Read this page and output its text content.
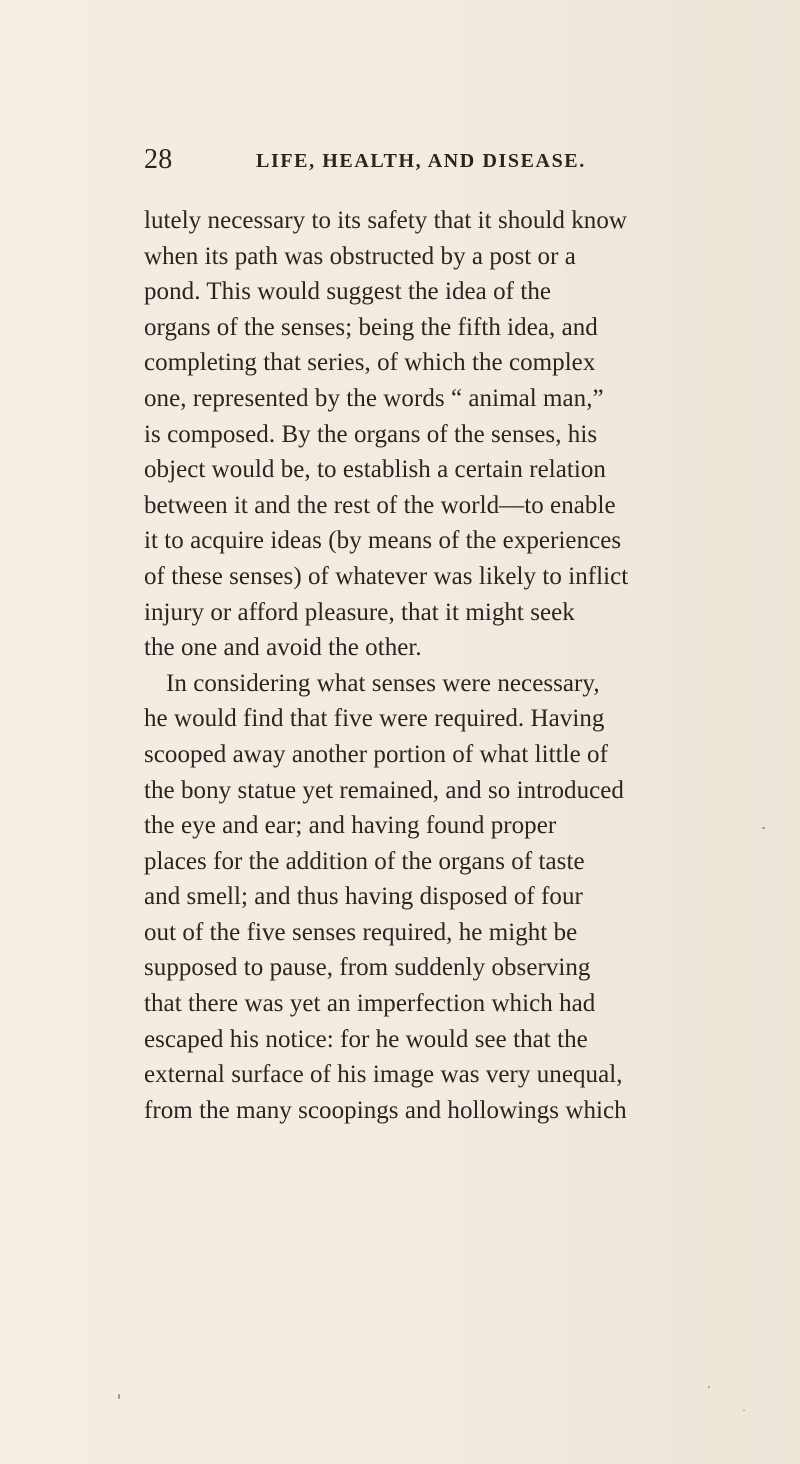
28	LIFE, HEALTH, AND DISEASE.
lutely necessary to its safety that it should know
when its path was obstructed by a post or a
pond. This would suggest the idea of the
organs of the senses; being the fifth idea, and
completing that series, of which the complex
one, represented by the words “ animal man,”
is composed. By the organs of the senses, his
object would be, to establish a certain relation
between it and the rest of the world—to enable
it to acquire ideas (by means of the experiences
of these senses) of whatever was likely to inflict
injury or afford pleasure, that it might seek
the one and avoid the other.
In considering what senses were necessary,
he would find that five were required. Having
scooped away another portion of what little of
the bony statue yet remained, and so introduced
the eye and ear; and having found proper
places for the addition of the organs of taste
and smell; and thus having disposed of four
out of the five senses required, he might be
supposed to pause, from suddenly observing
that there was yet an imperfection which had
escaped his notice: for he would see that the
external surface of his image was very unequal,
from the many scoopings and hollowings which
